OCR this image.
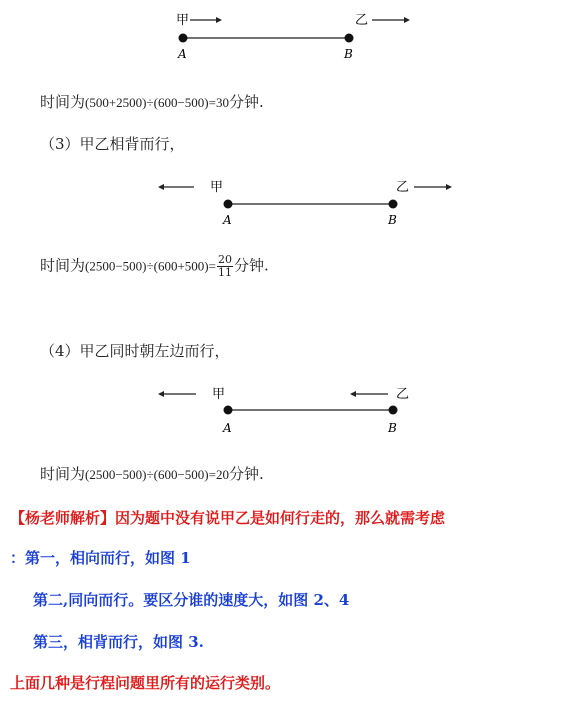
甲	乙
A	B
时间为(500+2500)÷(600−500)=30分钟.
（3）甲乙相背而行，
甲	乙
A	B
时间为$(2500-500)\div(600+500)= \frac{20}{11}$ 分钟.
（4）甲乙同时朝左边而行，
甲	乙
A	B
时间为(2500−500)÷(600−500)=20分钟.
【杨老师解析】因为题中没有说甲乙是如何行走的，那么就需考虑
：第一，相向而行，如图 1
第二,同向而行。要区分谁的速度大，如图 2、4
第三，相背而行，如图 3.
上面几种是行程问题里所有的运行类别。
